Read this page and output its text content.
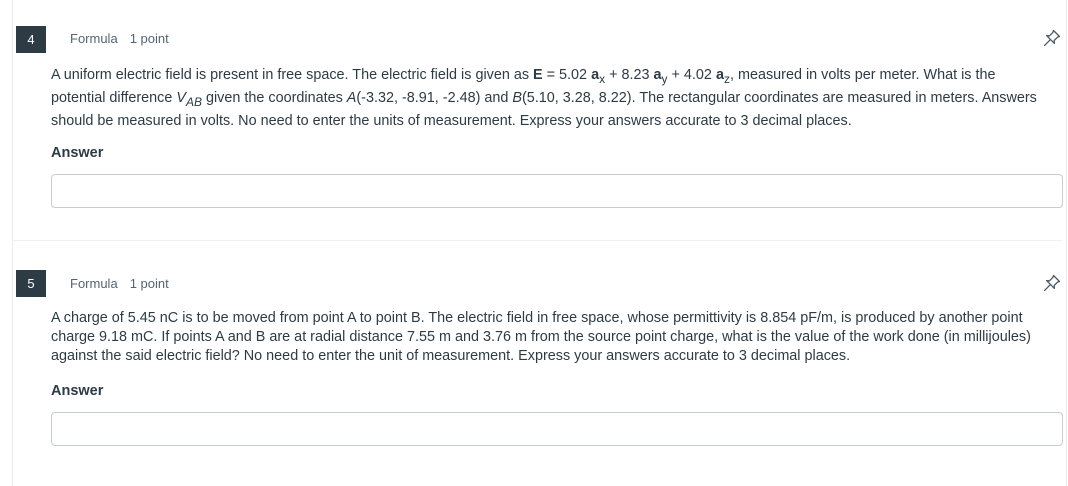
4	Formula 1 point
A uniform electric field is present in free space. The electric field is given as E = 5.02 $a_x + 8.23$ $a_y + 4.02$ $a_z$, measured in volts per meter. What is the potential difference $V_{AB}$ given the coordinates A(-3.32, -8.91, -2.48) and B(5.10, 3.28, 8.22). The rectangular coordinates are measured in meters. Answers should be measured in volts. No need to enter the units of measurement. Express your answers accurate to 3 decimal places.
Answer
5	Formula 1 point
A charge of 5.45 nC is to be moved from point A to point B. The electric field in free space, whose permittivity is 8.854 pF/m, is produced by another point charge 9.18 mC. If points A and B are at radial distance 7.55 m and 3.76 m from the source point charge, what is the value of the work done (in millijoules) against the said electric field? No need to enter the unit of measurement. Express your answers accurate to 3 decimal places.
Answer
